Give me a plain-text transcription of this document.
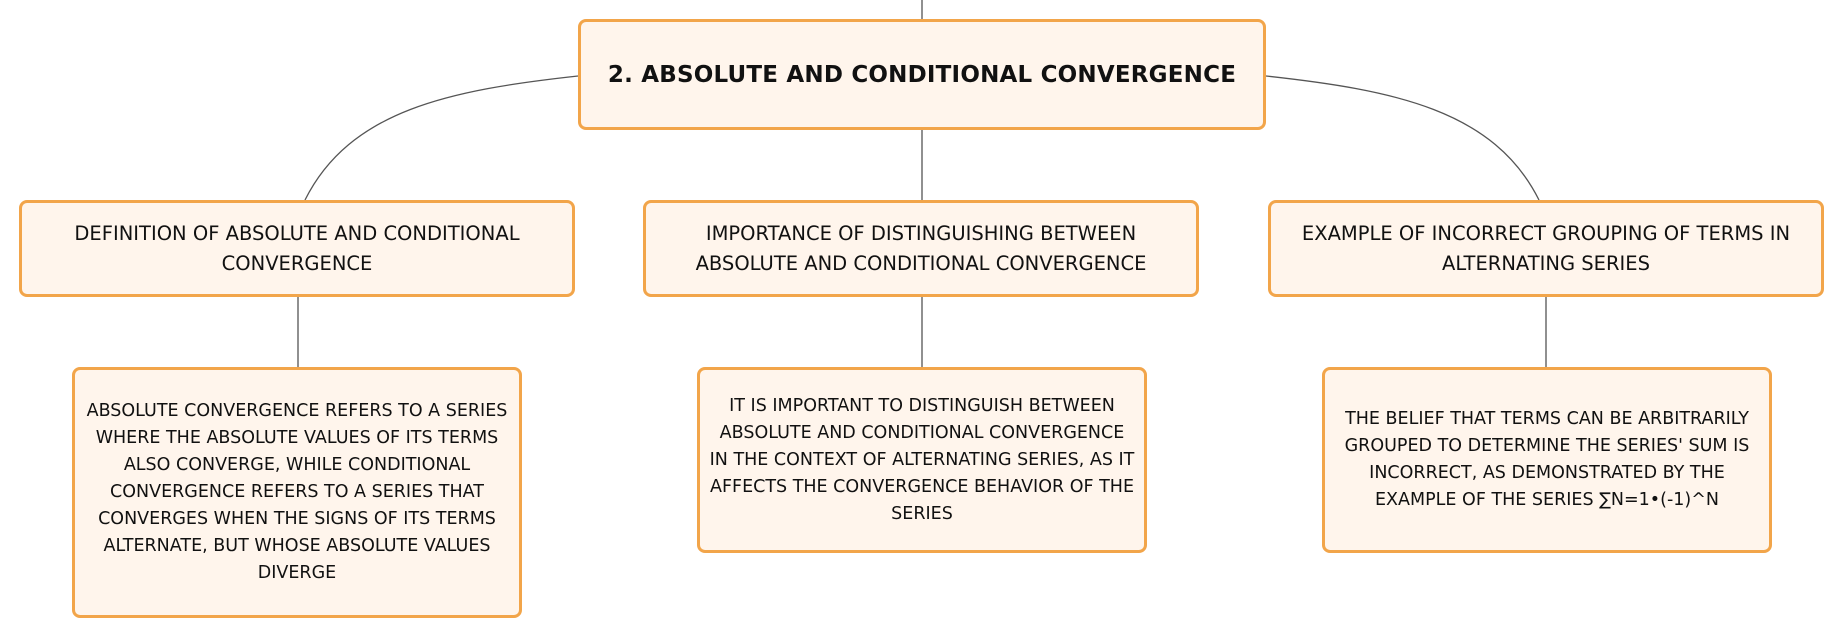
2. ABSOLUTE AND CONDITIONAL CONVERGENCE
DEFINITION OF ABSOLUTE AND CONDITIONAL CONVERGENCE
IMPORTANCE OF DISTINGUISHING BETWEEN ABSOLUTE AND CONDITIONAL CONVERGENCE
EXAMPLE OF INCORRECT GROUPING OF TERMS IN ALTERNATING SERIES
ABSOLUTE CONVERGENCE REFERS TO A SERIES WHERE THE ABSOLUTE VALUES OF ITS TERMS ALSO CONVERGE, WHILE CONDITIONAL CONVERGENCE REFERS TO A SERIES THAT CONVERGES WHEN THE SIGNS OF ITS TERMS ALTERNATE, BUT WHOSE ABSOLUTE VALUES DIVERGE
IT IS IMPORTANT TO DISTINGUISH BETWEEN ABSOLUTE AND CONDITIONAL CONVERGENCE IN THE CONTEXT OF ALTERNATING SERIES, AS IT AFFECTS THE CONVERGENCE BEHAVIOR OF THE SERIES
THE BELIEF THAT TERMS CAN BE ARBITRARILY GROUPED TO DETERMINE THE SERIES' SUM IS INCORRECT, AS DEMONSTRATED BY THE EXAMPLE OF THE SERIES ∑N=1•(-1)^N
